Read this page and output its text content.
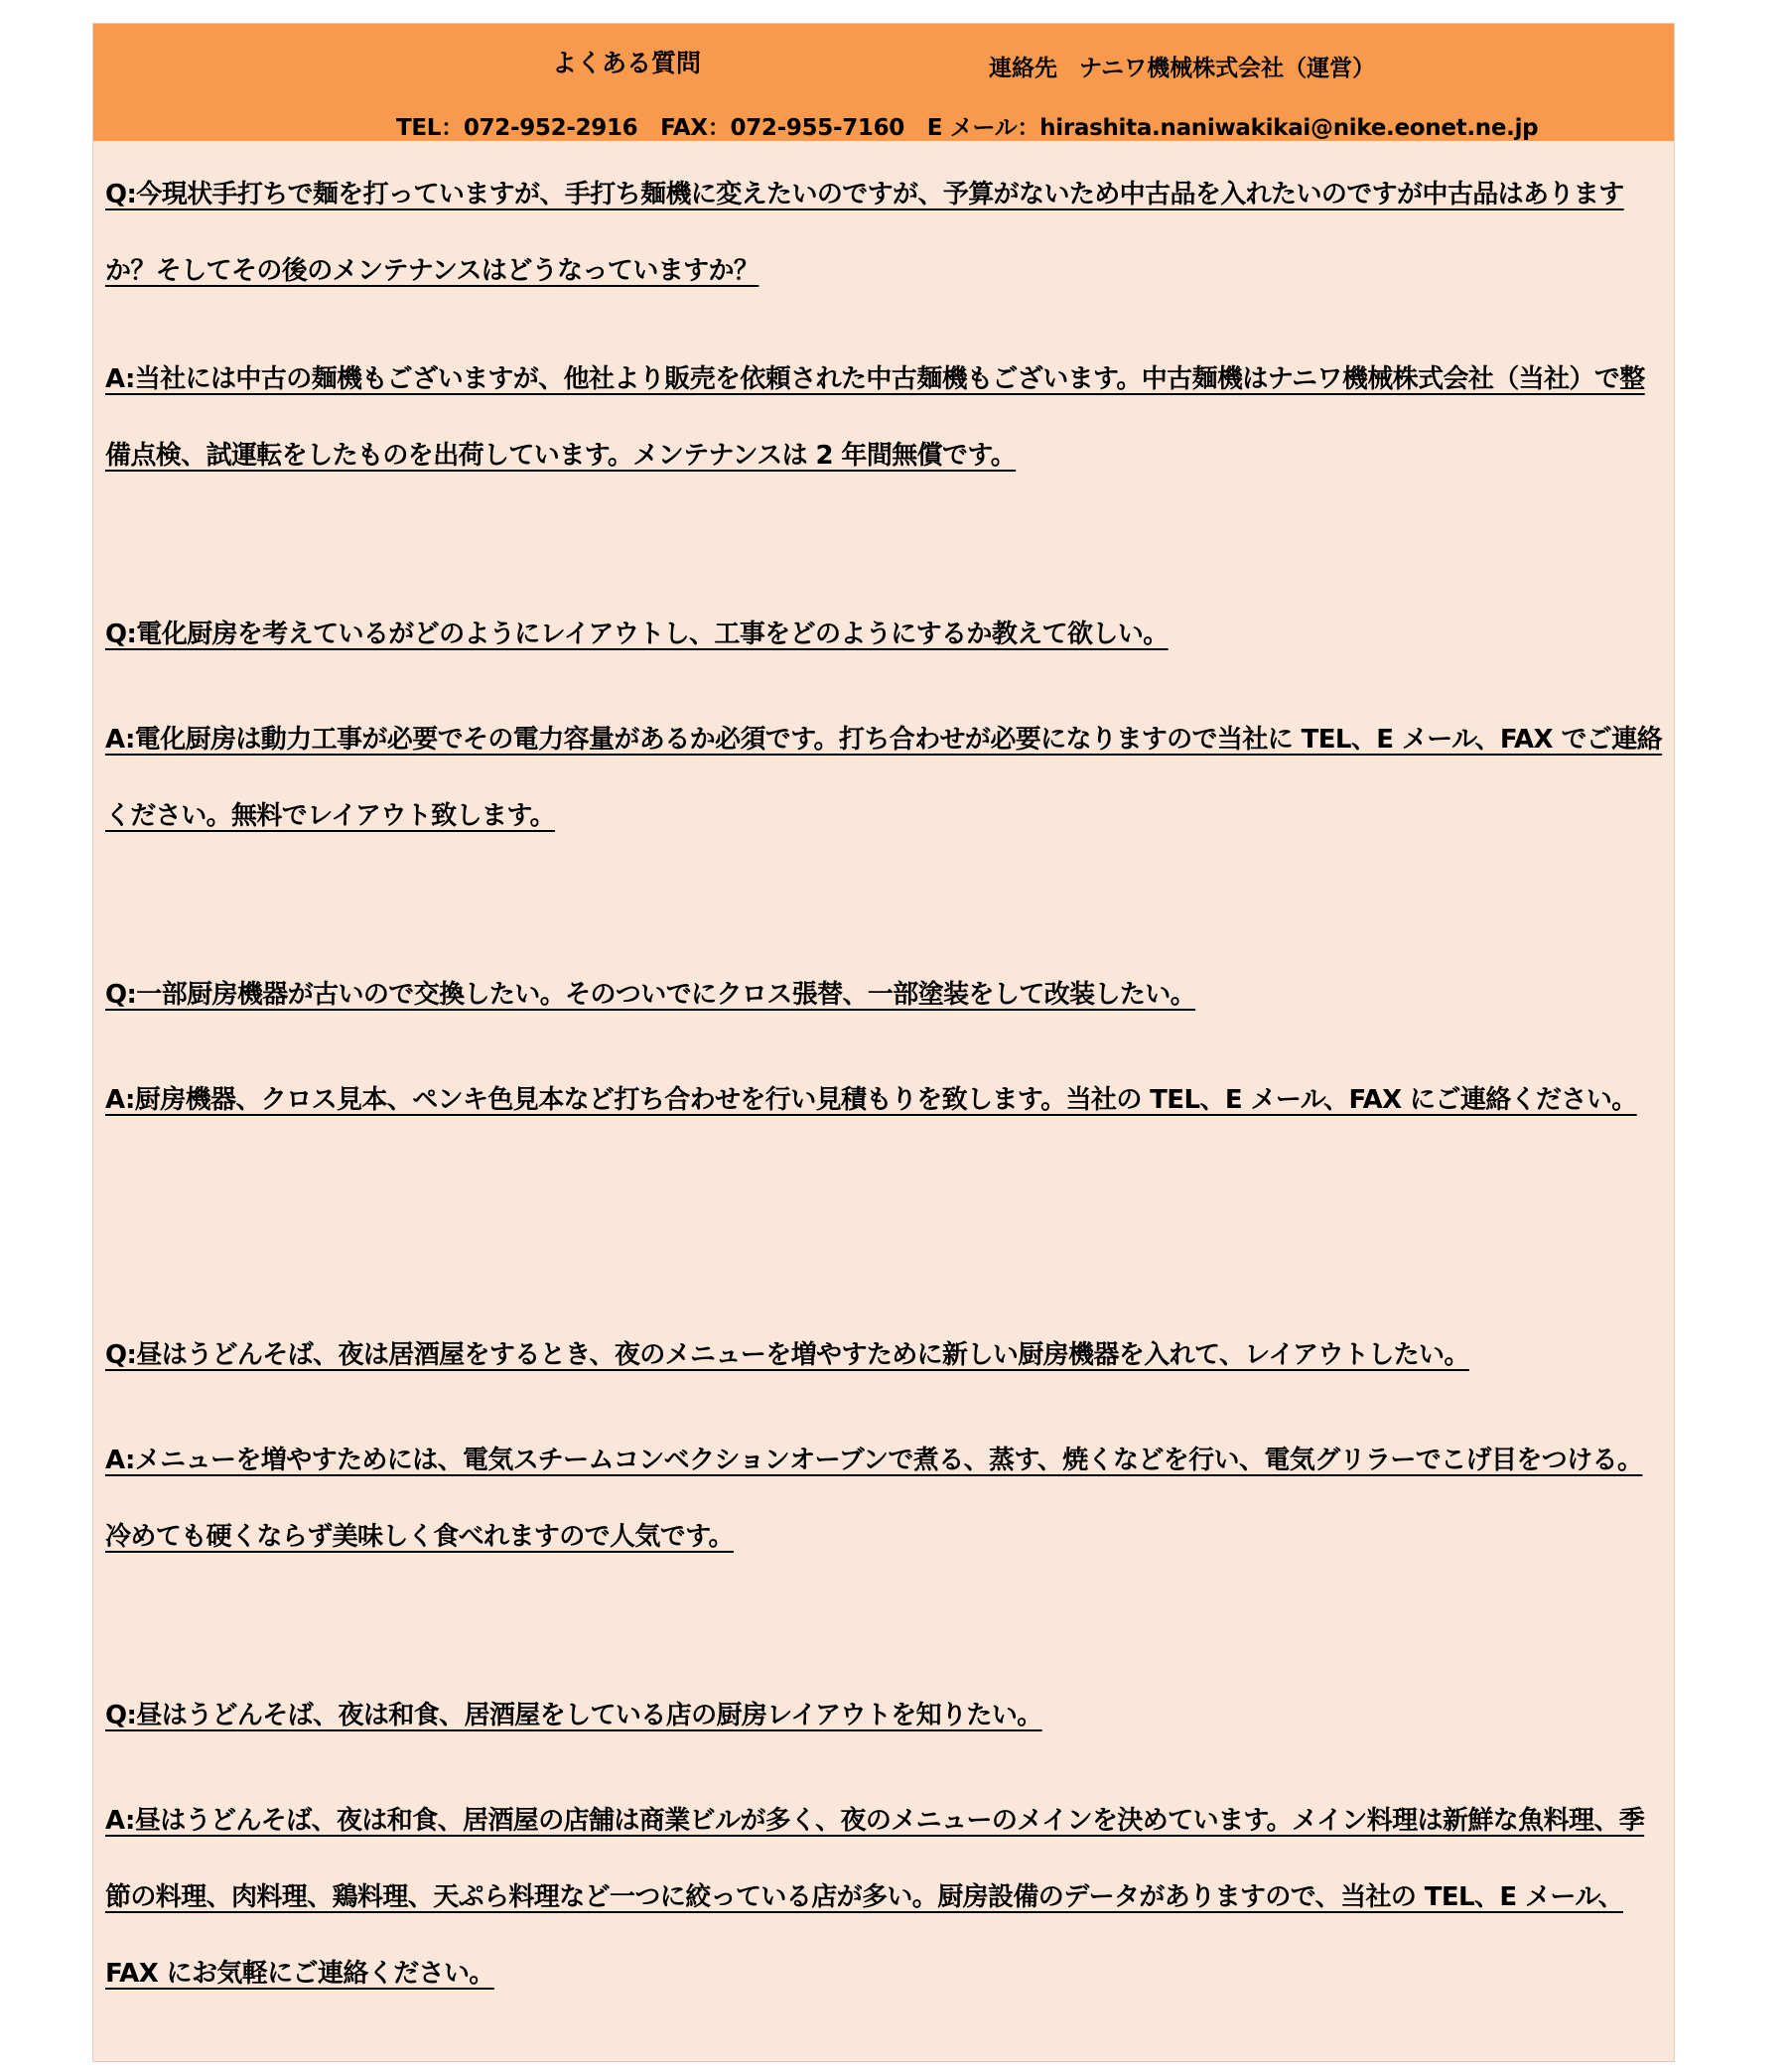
よくある質問	連絡先 ナニワ機械株式会社（運営）
TEL：072-952-2916　FAX：072-955-7160　E メール：hirashita.naniwakikai@nike.eonet.ne.jp
Q:今現状手打ちで麺を打っていますが、手打ち麺機に変えたいのですが、予算がないため中古品を入れたいのですが中古品はありますか？そしてその後のメンテナンスはどうなっていますか？
A:当社には中古の麺機もございますが、他社より販売を依頼された中古麺機もございます。中古麺機はナニワ機械株式会社（当社）で整備点検、試運転をしたものを出荷しています。メンテナンスは 2 年間無償です。
Q:電化厨房を考えているがどのようにレイアウトし、工事をどのようにするか教えて欲しい。
A:電化厨房は動力工事が必要でその電力容量があるか必須です。打ち合わせが必要になりますので当社に TEL、E メール、FAX でご連絡ください。無料でレイアウト致します。
Q:一部厨房機器が古いので交換したい。そのついでにクロス張替、一部塗装をして改装したい。
A:厨房機器、クロス見本、ペンキ色見本など打ち合わせを行い見積もりを致します。当社の TEL、E メール、FAX にご連絡ください。
Q:昼はうどんそば、夜は居酒屋をするとき、夜のメニューを増やすために新しい厨房機器を入れて、レイアウトしたい。
A:メニューを増やすためには、電気スチームコンベクションオーブンで煮る、蒸す、焼くなどを行い、電気グリラーでこげ目をつける。冷めても硬くならず美味しく食べれますので人気です。
Q:昼はうどんそば、夜は和食、居酒屋をしている店の厨房レイアウトを知りたい。
A:昼はうどんそば、夜は和食、居酒屋の店舗は商業ビルが多く、夜のメニューのメインを決めています。メイン料理は新鮮な魚料理、季節の料理、肉料理、鶏料理、天ぷら料理など一つに絞っている店が多い。厨房設備のデータがありますので、当社の TEL、E メール、FAX にお気軽にご連絡ください。
